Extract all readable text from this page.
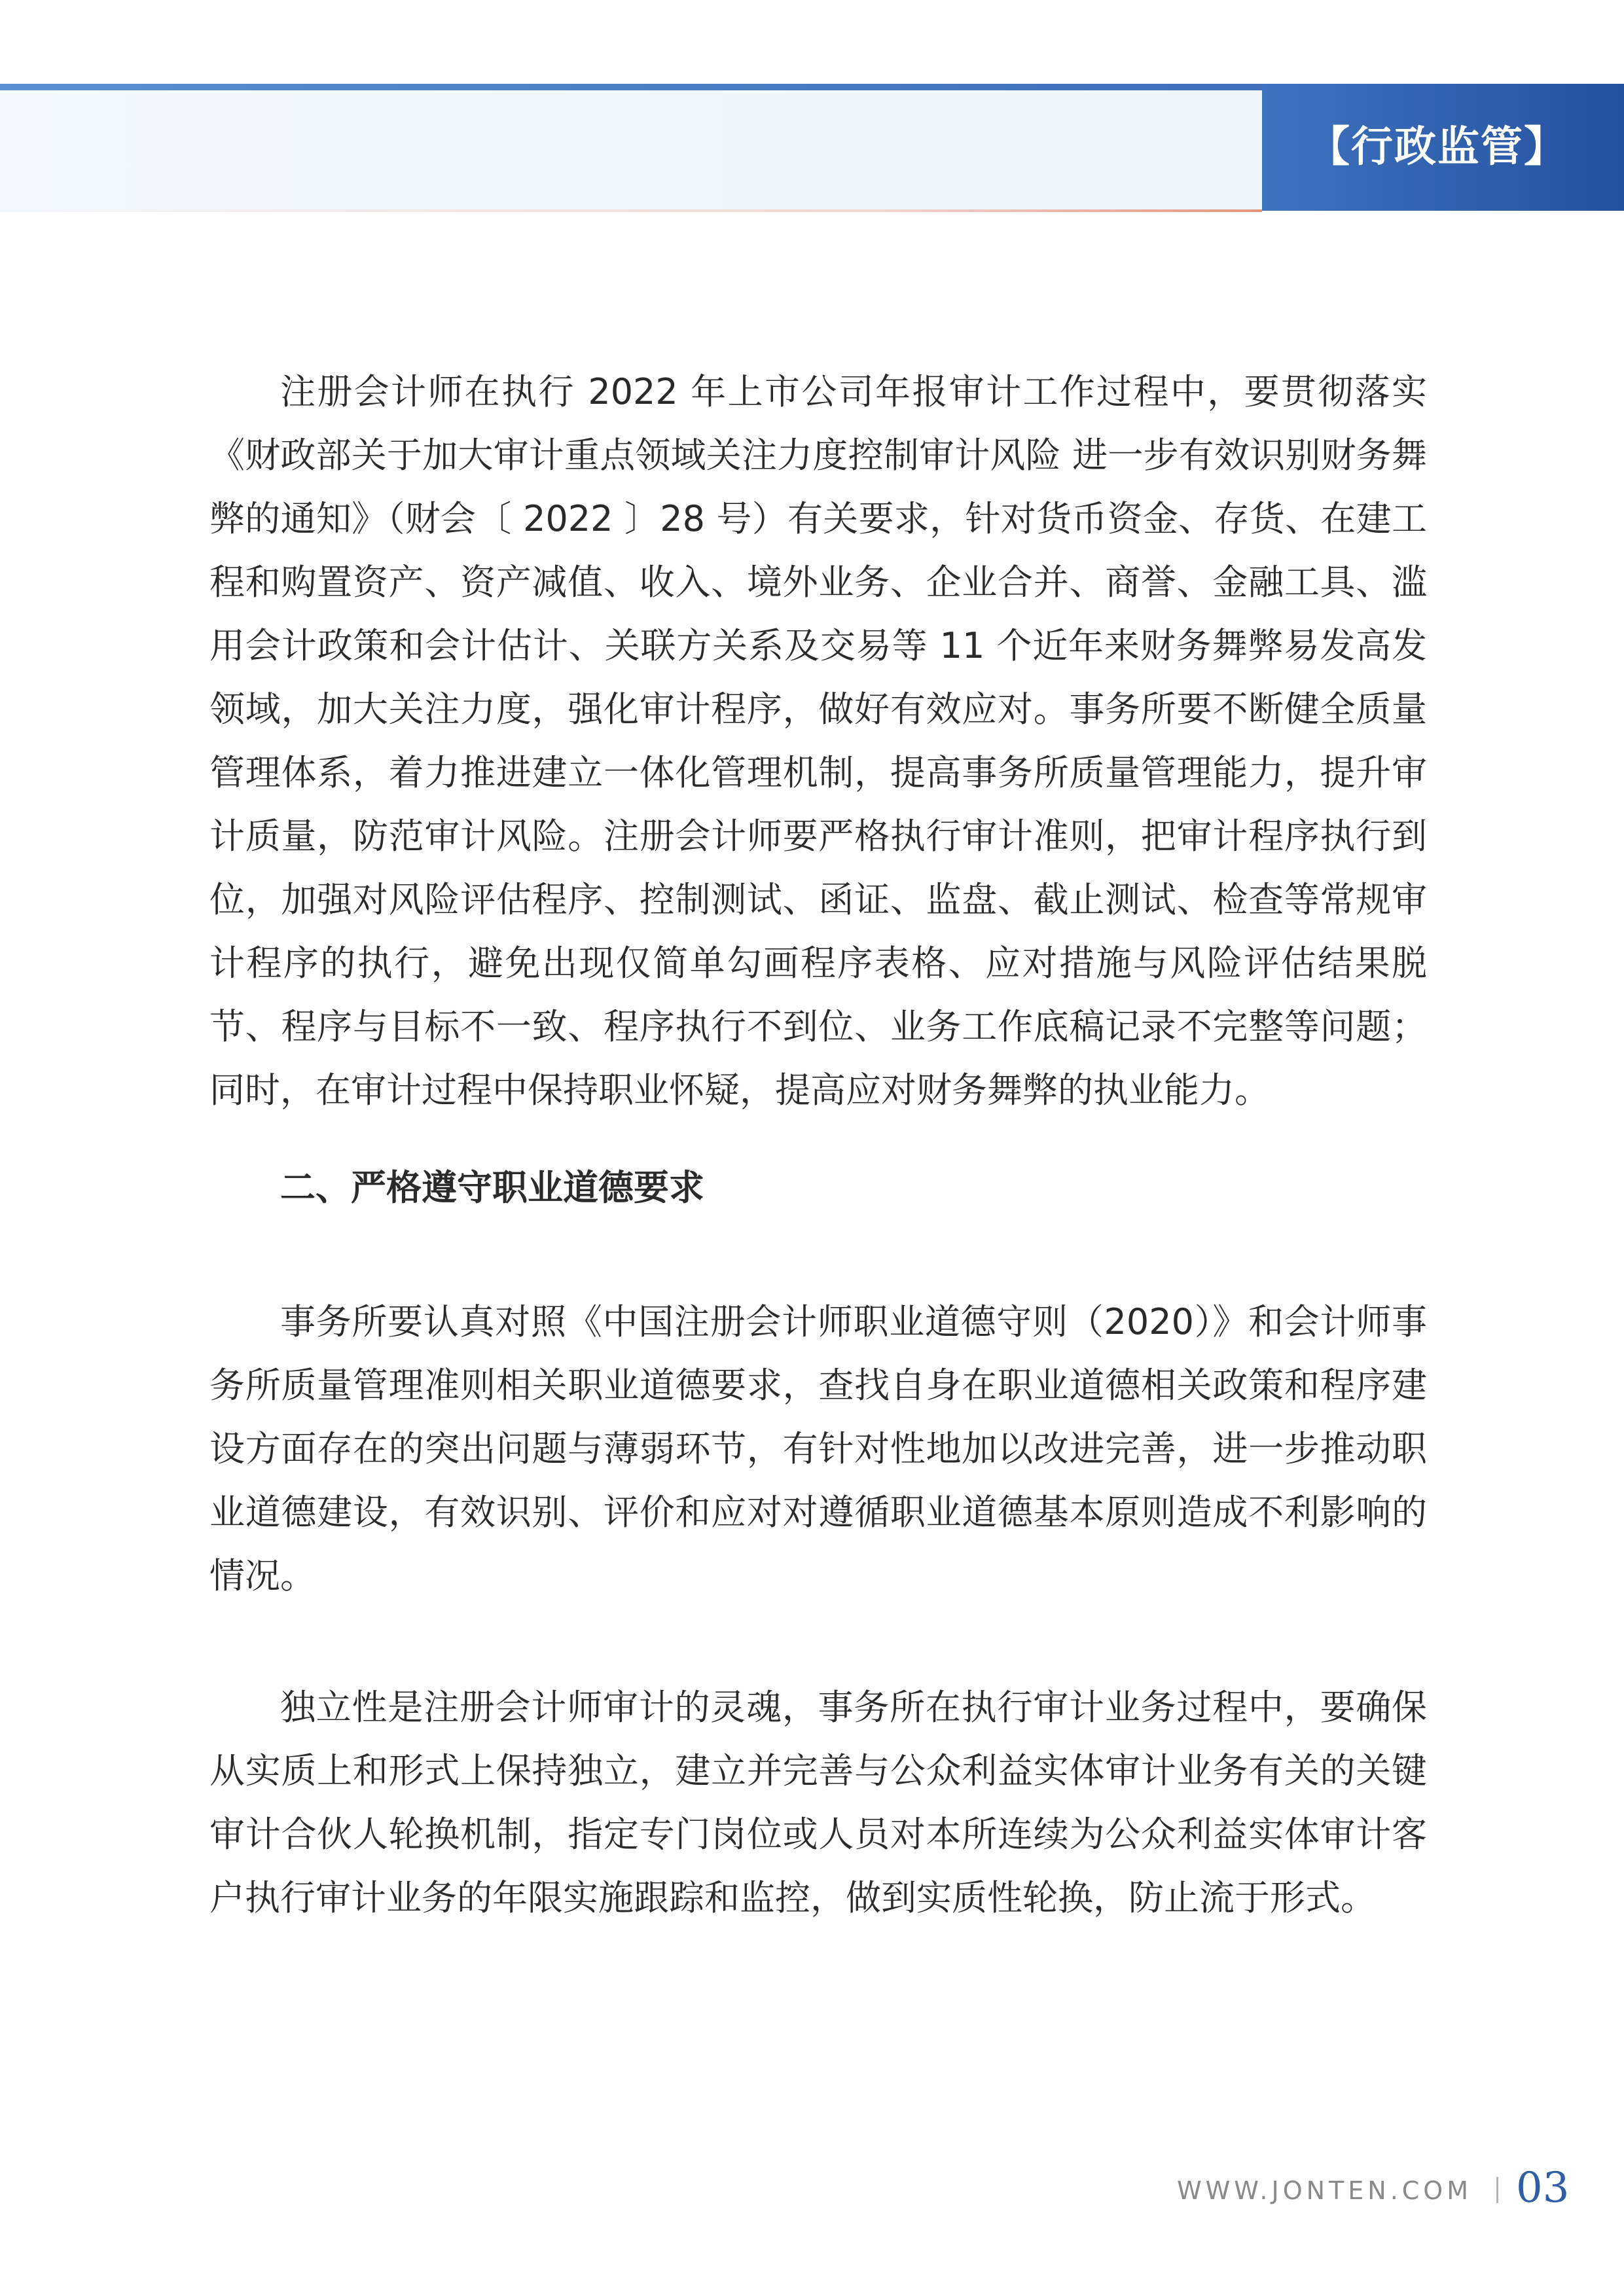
【行政监管】

注册会计师在执行 2022 年上市公司年报审计工作过程中，要贯彻落实《财政部关于加大审计重点领域关注力度控制审计风险 进一步有效识别财务舞弊的通知》（财会〔 2022 〕28 号）有关要求，针对货币资金、存货、在建工程和购置资产、资产减值、收入、境外业务、企业合并、商誉、金融工具、滥用会计政策和会计估计、关联方关系及交易等 11 个近年来财务舞弊易发高发领域，加大关注力度，强化审计程序，做好有效应对。事务所要不断健全质量管理体系，着力推进建立一体化管理机制，提高事务所质量管理能力，提升审计质量，防范审计风险。注册会计师要严格执行审计准则，把审计程序执行到位，加强对风险评估程序、控制测试、函证、监盘、截止测试、检查等常规审计程序的执行，避免出现仅简单勾画程序表格、应对措施与风险评估结果脱节、程序与目标不一致、程序执行不到位、业务工作底稿记录不完整等问题；同时，在审计过程中保持职业怀疑，提高应对财务舞弊的执业能力。

二、严格遵守职业道德要求

事务所要认真对照《中国注册会计师职业道德守则（2020）》和会计师事务所质量管理准则相关职业道德要求，查找自身在职业道德相关政策和程序建设方面存在的突出问题与薄弱环节，有针对性地加以改进完善，进一步推动职业道德建设，有效识别、评价和应对对遵循职业道德基本原则造成不利影响的情况。

独立性是注册会计师审计的灵魂，事务所在执行审计业务过程中，要确保从实质上和形式上保持独立，建立并完善与公众利益实体审计业务有关的关键审计合伙人轮换机制，指定专门岗位或人员对本所连续为公众利益实体审计客户执行审计业务的年限实施跟踪和监控，做到实质性轮换，防止流于形式。

WWW.JONTEN.COM 03
